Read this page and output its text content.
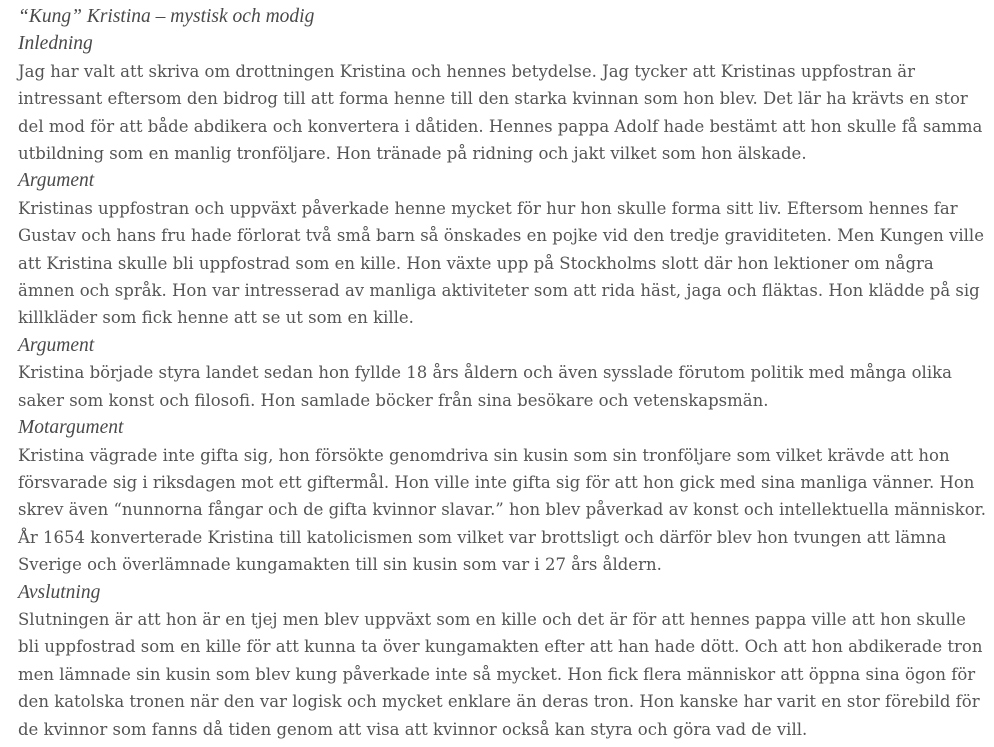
“Kung” Kristina – mystisk och modig
Inledning

Jag har valt att skriva om drottningen Kristina och hennes betydelse. Jag tycker att Kristinas uppfostran är intressant eftersom den bidrog till att forma henne till den starka kvinnan som hon blev. Det lär ha krävts en stor del mod för att både abdikera och konvertera i dåtiden. Hennes pappa Adolf hade bestämt att hon skulle få samma utbildning som en manlig tronföljare. Hon tränade på ridning och jakt vilket som hon älskade.

Argument

Kristinas uppfostran och uppväxt påverkade henne mycket för hur hon skulle forma sitt liv. Eftersom hennes far Gustav och hans fru hade förlorat två små barn så önskades en pojke vid den tredje graviditeten. Men Kungen ville att Kristina skulle bli uppfostrad som en kille. Hon växte upp på Stockholms slott där hon lektioner om några ämnen och språk. Hon var intresserad av manliga aktiviteter som att rida häst, jaga och fläktas. Hon klädde på sig killkläder som fick henne att se ut som en kille.

Argument

Kristina började styra landet sedan hon fyllde 18 års åldern och även sysslade förutom politik med många olika saker som konst och filosofi. Hon samlade böcker från sina besökare och vetenskapsmän.

Motargument

Kristina vägrade inte gifta sig, hon försökte genomdriva sin kusin som sin tronföljare som vilket krävde att hon försvarade sig i riksdagen mot ett giftermål. Hon ville inte gifta sig för att hon gick med sina manliga vänner. Hon skrev även “nunnorna fångar och de gifta kvinnor slavar.” hon blev påverkad av konst och intellektuella människor. År 1654 konverterade Kristina till katolicismen som vilket var brottsligt och därför blev hon tvungen att lämna Sverige och överlämnade kungamakten till sin kusin som var i 27 års åldern.

Avslutning

Slutningen är att hon är en tjej men blev uppväxt som en kille och det är för att hennes pappa ville att hon skulle bli uppfostrad som en kille för att kunna ta över kungamakten efter att han hade dött. Och att hon abdikerade tron men lämnade sin kusin som blev kung påverkade inte så mycket. Hon fick flera människor att öppna sina ögon för den katolska tronen när den var logisk och mycket enklare än deras tron. Hon kanske har varit en stor förebild för de kvinnor som fanns då tiden genom att visa att kvinnor också kan styra och göra vad de vill.
